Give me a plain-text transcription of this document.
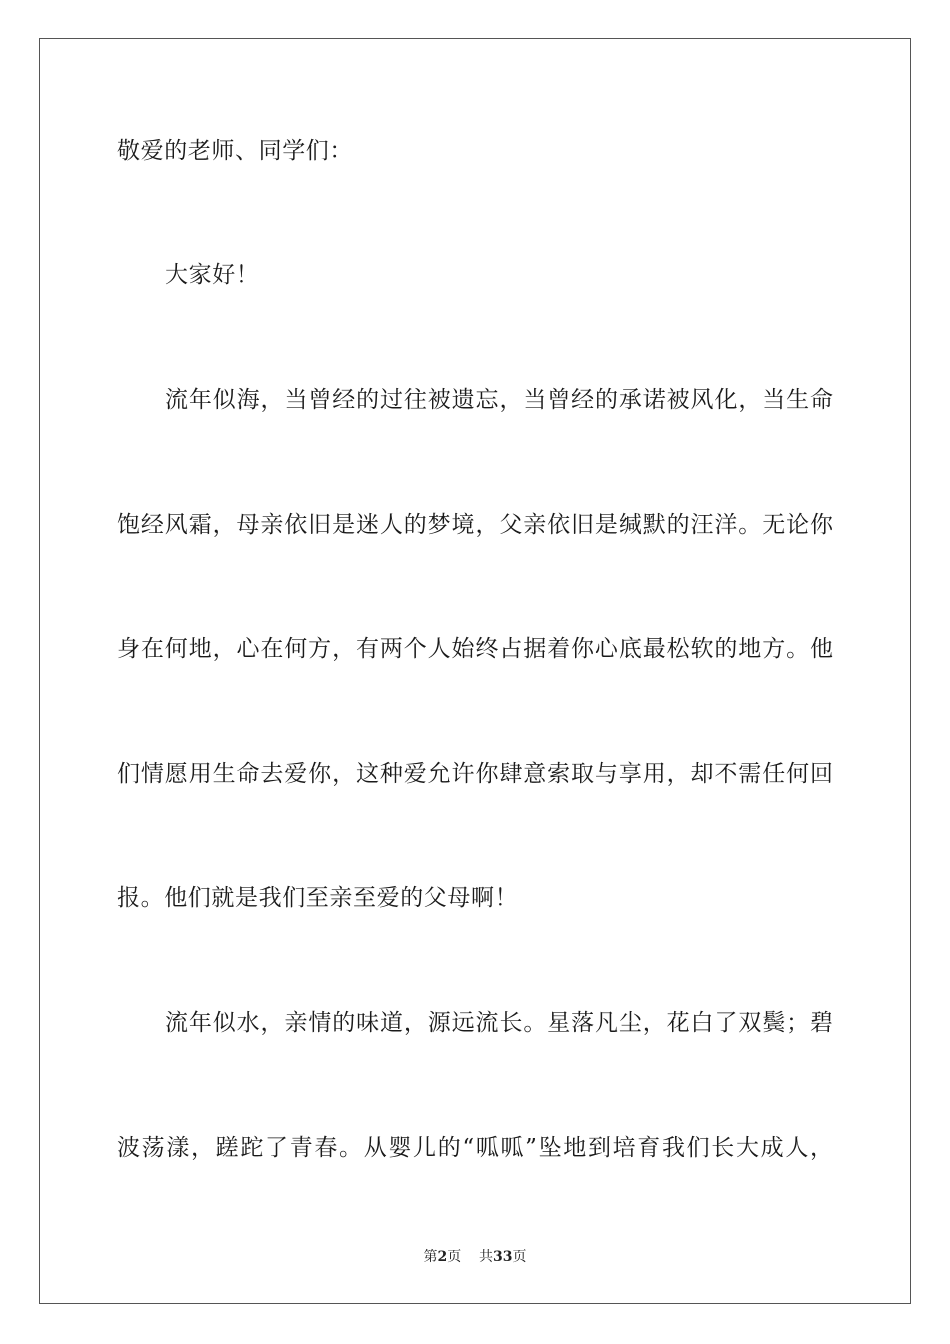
敬爱的老师、同学们：
大家好！
流年似海，当曾经的过往被遗忘，当曾经的承诺被风化，当生命
饱经风霜，母亲依旧是迷人的梦境，父亲依旧是缄默的汪洋。无论你
身在何地，心在何方，有两个人始终占据着你心底最松软的地方。他
们情愿用生命去爱你，这种爱允许你肆意索取与享用，却不需任何回
报。他们就是我们至亲至爱的父母啊！
流年似水，亲情的味道，源远流长。星落凡尘，花白了双鬓；碧
波荡漾，蹉跎了青春。从婴儿的“呱呱”坠地到培育我们长大成人，
第2页 共33页
